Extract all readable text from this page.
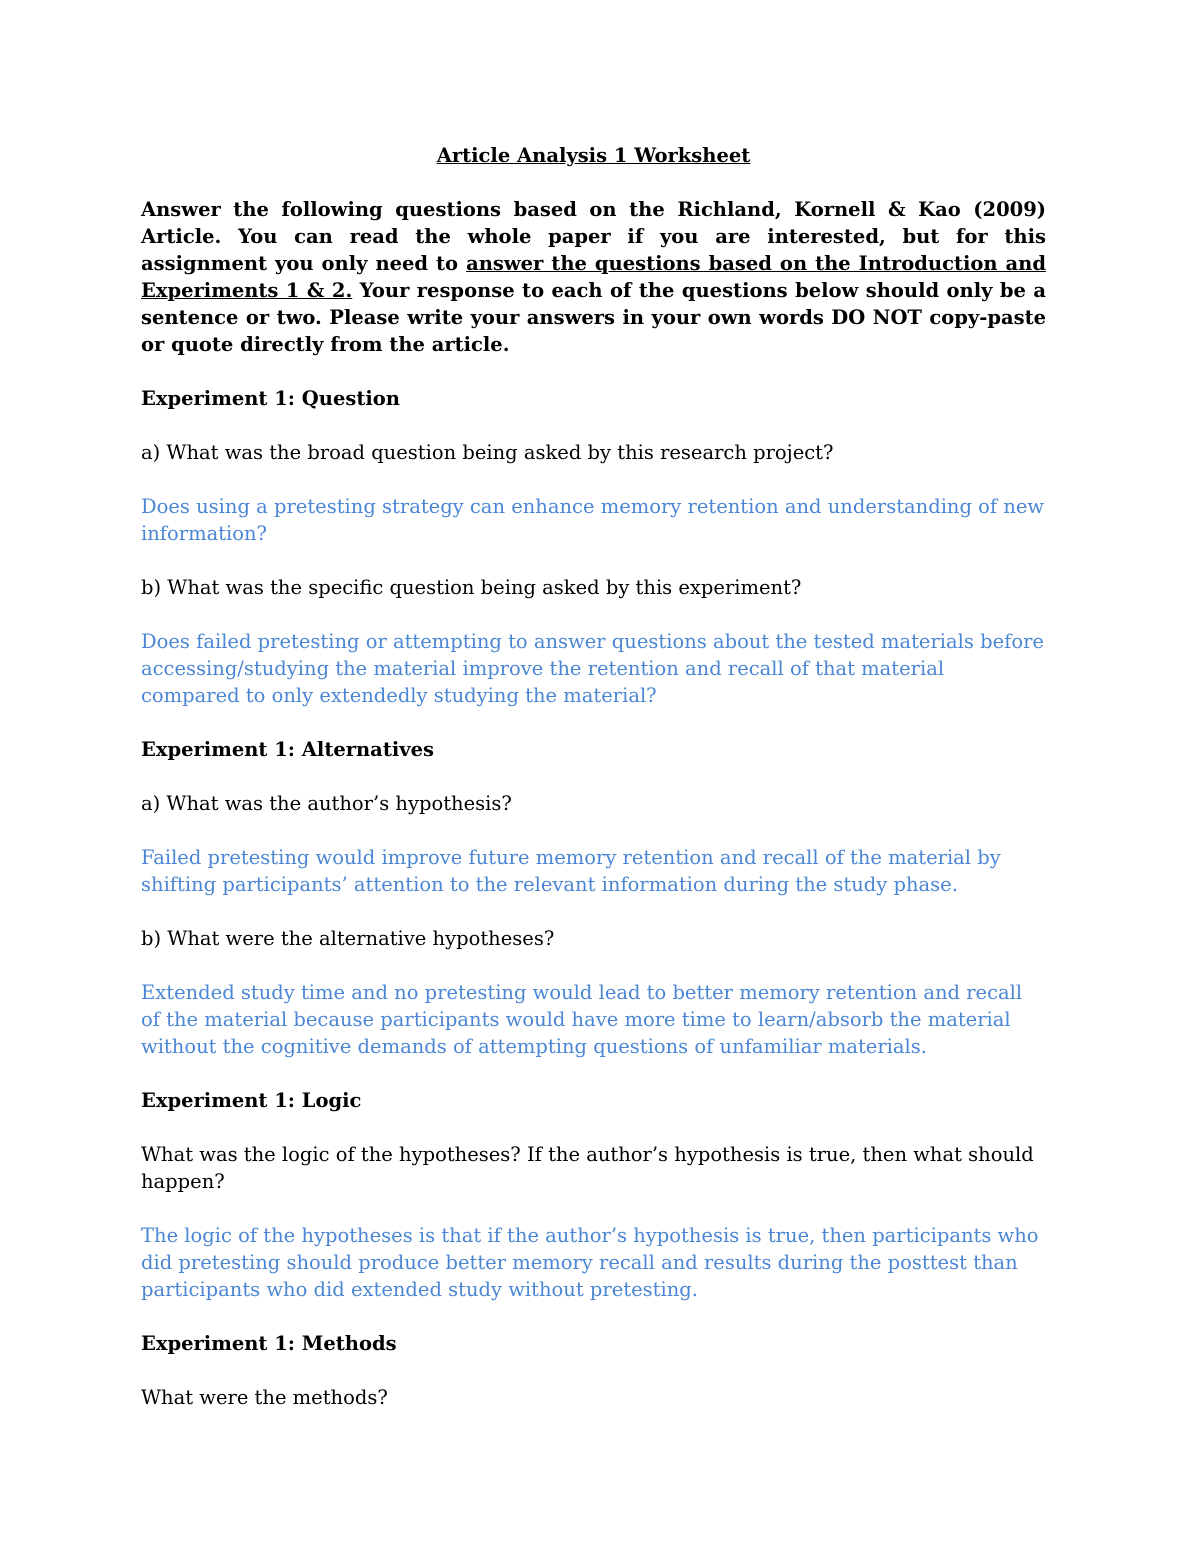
Article Analysis 1 Worksheet
Answer the following questions based on the Richland, Kornell & Kao (2009) Article. You can read the whole paper if you are interested, but for this assignment you only need to answer the questions based on the Introduction and Experiments 1 & 2. Your response to each of the questions below should only be a sentence or two. Please write your answers in your own words DO NOT copy-paste or quote directly from the article.
Experiment 1: Question
a) What was the broad question being asked by this research project?
Does using a pretesting strategy can enhance memory retention and understanding of new information?
b) What was the specific question being asked by this experiment?
Does failed pretesting or attempting to answer questions about the tested materials before accessing/studying the material improve the retention and recall of that material compared to only extendedly studying the material?
Experiment 1: Alternatives
a) What was the author’s hypothesis?
Failed pretesting would improve future memory retention and recall of the material by shifting participants’ attention to the relevant information during the study phase.
b) What were the alternative hypotheses?
Extended study time and no pretesting would lead to better memory retention and recall of the material because participants would have more time to learn/absorb the material without the cognitive demands of attempting questions of unfamiliar materials.
Experiment 1: Logic
What was the logic of the hypotheses? If the author’s hypothesis is true, then what should happen?
The logic of the hypotheses is that if the author’s hypothesis is true, then participants who did pretesting should produce better memory recall and results during the posttest than participants who did extended study without pretesting.
Experiment 1: Methods
What were the methods?
